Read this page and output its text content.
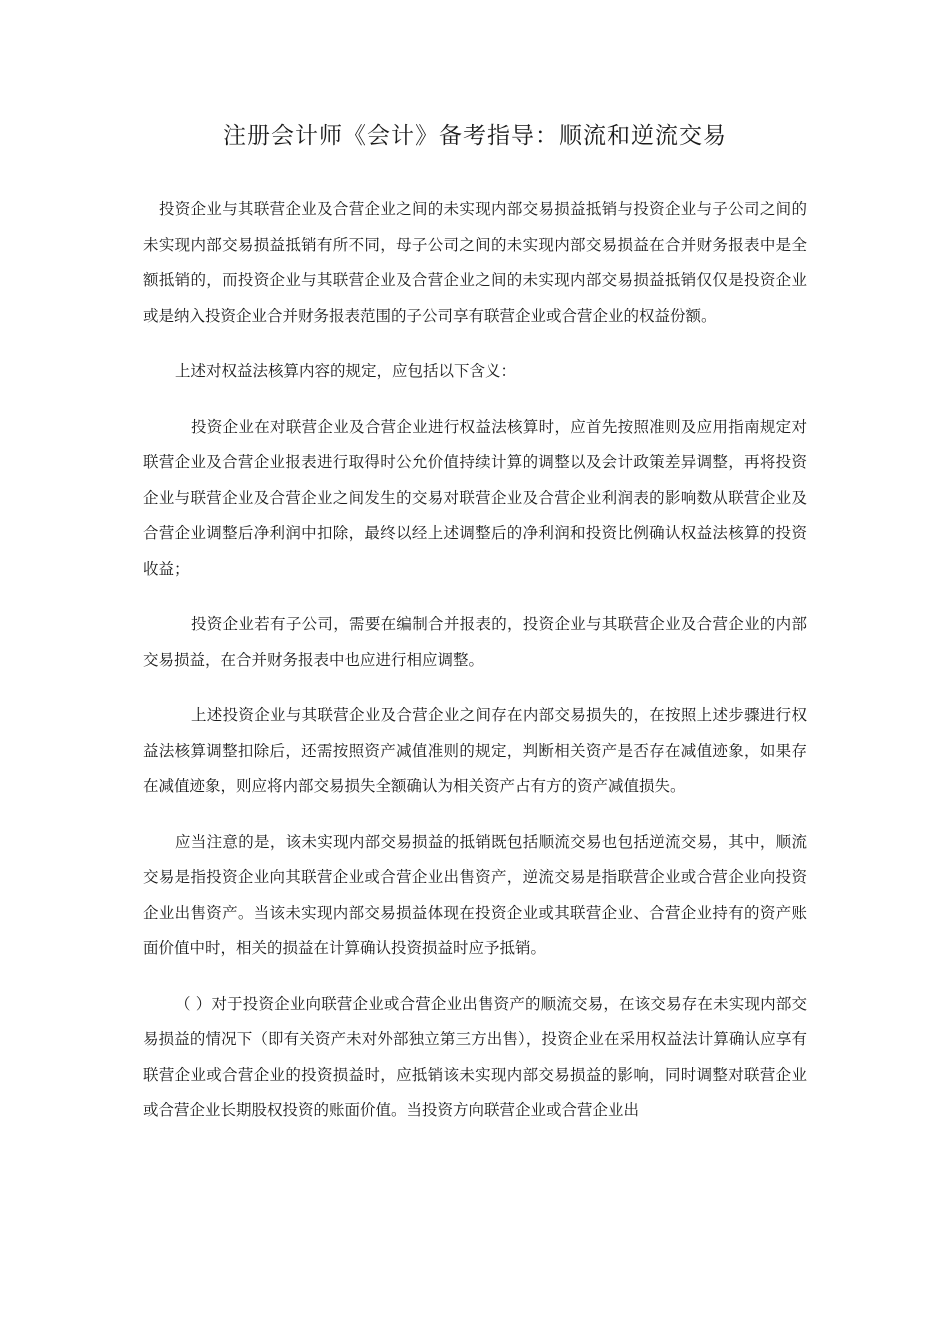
注册会计师《会计》备考指导：顺流和逆流交易

投资企业与其联营企业及合营企业之间的未实现内部交易损益抵销与投资企业与子公司之间的未实现内部交易损益抵销有所不同，母子公司之间的未实现内部交易损益在合并财务报表中是全额抵销的，而投资企业与其联营企业及合营企业之间的未实现内部交易损益抵销仅仅是投资企业或是纳入投资企业合并财务报表范围的子公司享有联营企业或合营企业的权益份额。

上述对权益法核算内容的规定，应包括以下含义：

投资企业在对联营企业及合营企业进行权益法核算时，应首先按照准则及应用指南规定对联营企业及合营企业报表进行取得时公允价值持续计算的调整以及会计政策差异调整，再将投资企业与联营企业及合营企业之间发生的交易对联营企业及合营企业利润表的影响数从联营企业及合营企业调整后净利润中扣除，最终以经上述调整后的净利润和投资比例确认权益法核算的投资收益；

投资企业若有子公司，需要在编制合并报表的，投资企业与其联营企业及合营企业的内部交易损益，在合并财务报表中也应进行相应调整。

上述投资企业与其联营企业及合营企业之间存在内部交易损失的，在按照上述步骤进行权益法核算调整扣除后，还需按照资产减值准则的规定，判断相关资产是否存在减值迹象，如果存在减值迹象，则应将内部交易损失全额确认为相关资产占有方的资产减值损失。

应当注意的是，该未实现内部交易损益的抵销既包括顺流交易也包括逆流交易，其中，顺流交易是指投资企业向其联营企业或合营企业出售资产，逆流交易是指联营企业或合营企业向投资企业出售资产。当该未实现内部交易损益体现在投资企业或其联营企业、合营企业持有的资产账面价值中时，相关的损益在计算确认投资损益时应予抵销。

（ ）对于投资企业向联营企业或合营企业出售资产的顺流交易，在该交易存在未实现内部交易损益的情况下（即有关资产未对外部独立第三方出售），投资企业在采用权益法计算确认应享有联营企业或合营企业的投资损益时，应抵销该未实现内部交易损益的影响，同时调整对联营企业或合营企业长期股权投资的账面价值。当投资方向联营企业或合营企业出
